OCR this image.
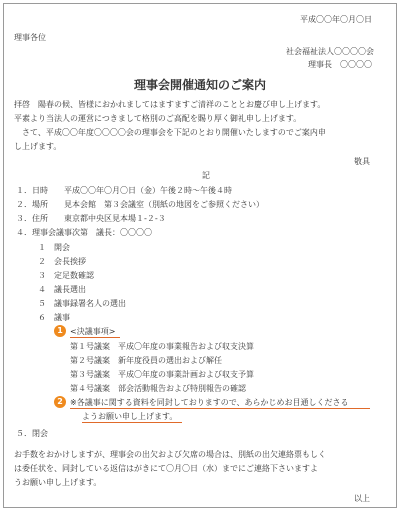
平成〇〇年〇月〇日
理事各位
社会福祉法人〇〇〇〇会
理事長　〇〇〇〇
理事会開催通知のご案内
拝啓　陽春の候、皆様におかれましてはますますご清祥のこととお慶び申し上げます。
平素より当法人の運営につきまして格別のご高配を賜り厚く御礼申し上げます。
　さて、平成〇〇年度〇〇〇〇会の理事会を下記のとおり開催いたしますのでご案内申
し上げます。
敬具
記
１．日時　　平成〇〇年〇月〇日（金）午後２時～午後４時
２．場所　　見本会館　第３会議室（別紙の地図をご参照ください）
３．住所　　東京都中央区見本場１-２-３
４．理事会議事次第　議長：〇〇〇〇
１　開会
２　会長挨拶
３　定足数確認
４　議長選出
５　議事録署名人の選出
６　議事
1 <決議事項>
第１号議案　平成〇年度の事業報告および収支決算
第２号議案　新年度役員の選出および解任
第３号議案　平成〇年度の事業計画および収支予算
第４号議案　部会活動報告および特別報告の確認
2 ※各議事に関する資料を同封しておりますので、あらかじめお目通しくださる
ようお願い申し上げます。
５．閉会
お手数をおかけしますが、理事会の出欠および欠席の場合は、別紙の出欠連絡票もしく
は委任状を、同封している返信はがきにて〇月〇日（水）までにご連絡下さいますよ
うお願い申し上げます。
以上
